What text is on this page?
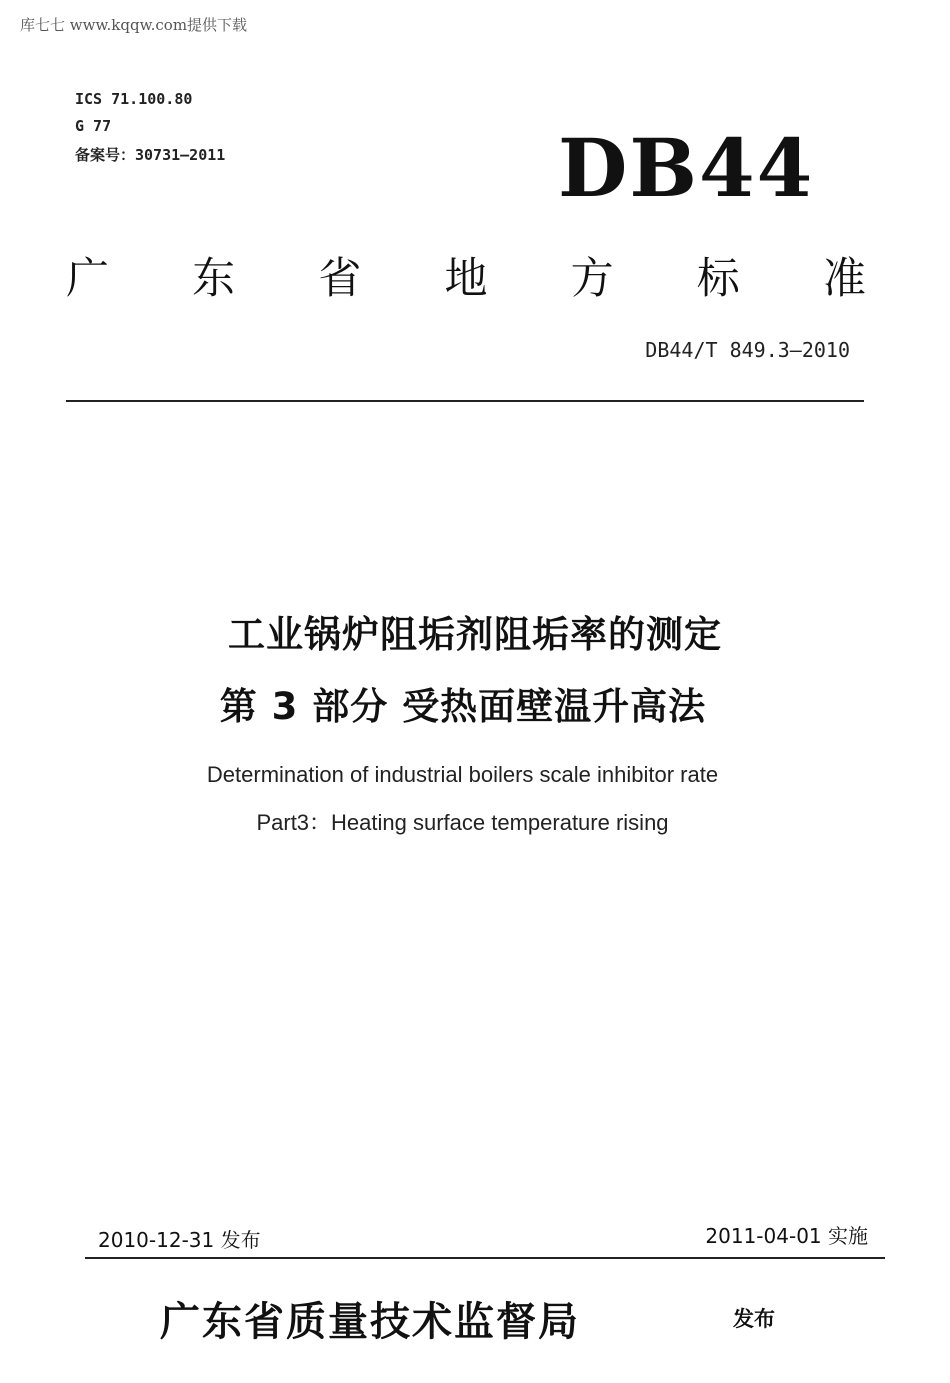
库七七 www.kqqw.com提供下载
ICS 71.100.80
G 77
备案号：30731—2011	DB44
广 东 省 地 方 标 准
DB44/T 849.3—2010
工业锅炉阻垢剂阻垢率的测定
第 3 部分 受热面壁温升高法
Determination of industrial boilers scale inhibitor rate
Part3：Heating surface temperature rising
2010-12-31 发布	2011-04-01 实施
广东省质量技术监督局	发布
